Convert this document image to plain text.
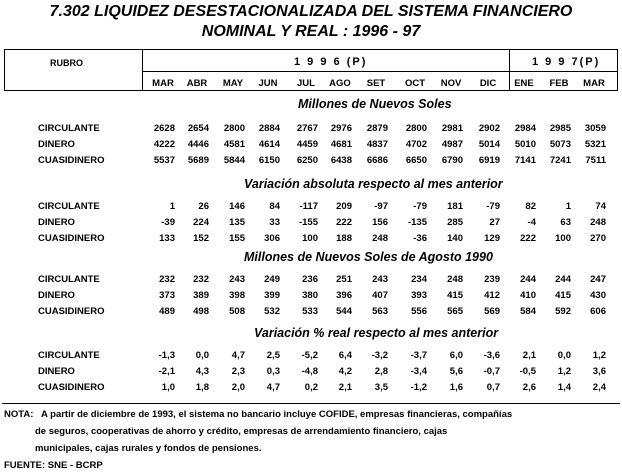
7.302 LIQUIDEZ DESESTACIONALIZADA DEL SISTEMA FINANCIERO
NOMINAL Y REAL : 1996 - 97
RUBRO	1 9 9 6 (P)	1 9 9 7(P)
MAR	ABR	MAY	JUN	JUL	AGO	SET	OCT	NOV	DIC	ENE	FEB	MAR
Millones de Nuevos Soles
CIRCULANTE	2628	2654	2800	2884	2767	2976	2879	2800	2981	2902	2984	2985	3059
DINERO	4222	4446	4581	4614	4459	4681	4837	4702	4987	5014	5010	5073	5321
CUASIDINERO	5537	5689	5844	6150	6250	6438	6686	6650	6790	6919	7141	7241	7511
Variación absoluta respecto al mes anterior
CIRCULANTE	1	26	146	84	-117	209	-97	-79	181	-79	82	1	74
DINERO	-39	224	135	33	-155	222	156	-135	285	27	-4	63	248
CUASIDINERO	133	152	155	306	100	188	248	-36	140	129	222	100	270
Millones de Nuevos Soles de Agosto 1990
CIRCULANTE	232	232	243	249	236	251	243	234	248	239	244	244	247
DINERO	373	389	398	399	380	396	407	393	415	412	410	415	430
CUASIDINERO	489	498	508	532	533	544	563	556	565	569	584	592	606
Variación % real respecto al mes anterior
CIRCULANTE	-1,3	0,0	4,7	2,5	-5,2	6,4	-3,2	-3,7	6,0	-3,6	2,1	0,0	1,2
DINERO	-2,1	4,3	2,3	0,3	-4,8	4,2	2,8	-3,4	5,6	-0,7	-0,5	1,2	3,6
CUASIDINERO	1,0	1,8	2,0	4,7	0,2	2,1	3,5	-1,2	1,6	0,7	2,6	1,4	2,4
NOTA: A partir de diciembre de 1993, el sistema no bancario incluye COFIDE, empresas financieras, compañías
de seguros, cooperativas de ahorro y crédito, empresas de arrendamiento financiero, cajas
municipales, cajas rurales y fondos de pensiones.
FUENTE: SNE - BCRP
